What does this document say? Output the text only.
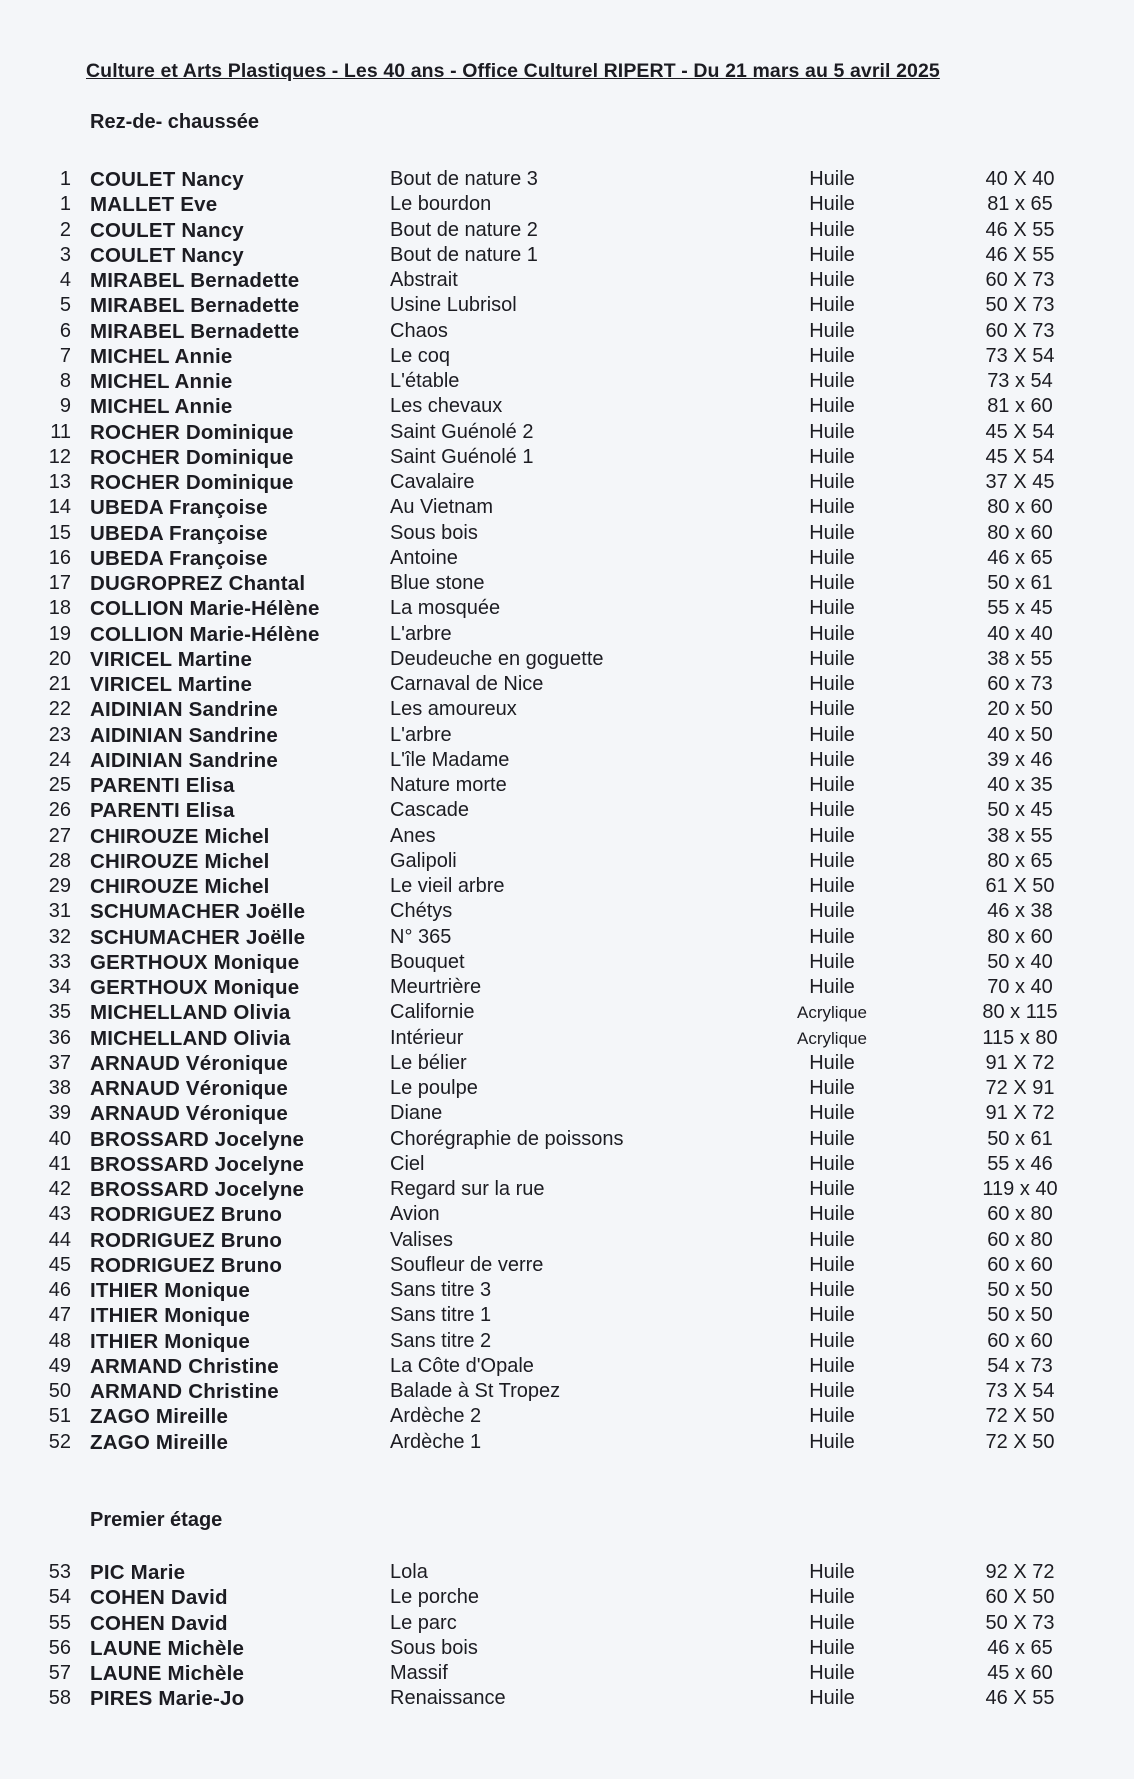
Culture et Arts Plastiques - Les 40 ans - Office Culturel RIPERT - Du 21 mars au 5 avril 2025
Rez-de- chaussée
1 COULET Nancy	Bout de nature 3	Huile	40 X 40
1 MALLET Eve	Le bourdon	Huile	81 x 65
2 COULET Nancy	Bout de nature 2	Huile	46 X 55
3 COULET Nancy	Bout de nature 1	Huile	46 X 55
4 MIRABEL Bernadette	Abstrait	Huile	60 X 73
5 MIRABEL Bernadette	Usine Lubrisol	Huile	50 X 73
6 MIRABEL Bernadette	Chaos	Huile	60 X 73
7 MICHEL Annie	Le coq	Huile	73 X 54
8 MICHEL Annie	L'étable	Huile	73 x 54
9 MICHEL Annie	Les chevaux	Huile	81 x 60
11 ROCHER Dominique	Saint Guénolé 2	Huile	45 X 54
12 ROCHER Dominique	Saint Guénolé 1	Huile	45 X 54
13 ROCHER Dominique	Cavalaire	Huile	37 X 45
14 UBEDA Françoise	Au Vietnam	Huile	80 x 60
15 UBEDA Françoise	Sous bois	Huile	80 x 60
16 UBEDA Françoise	Antoine	Huile	46 x 65
17 DUGROPREZ Chantal	Blue stone	Huile	50 x 61
18 COLLION Marie-Hélène	La mosquée	Huile	55 x 45
19 COLLION Marie-Hélène	L'arbre	Huile	40 x 40
20 VIRICEL Martine	Deudeuche en goguette	Huile	38 x 55
21 VIRICEL Martine	Carnaval de Nice	Huile	60 x 73
22 AIDINIAN Sandrine	Les amoureux	Huile	20 x 50
23 AIDINIAN Sandrine	L'arbre	Huile	40 x 50
24 AIDINIAN Sandrine	L'île Madame	Huile	39 x 46
25 PARENTI Elisa	Nature morte	Huile	40 x 35
26 PARENTI Elisa	Cascade	Huile	50 x 45
27 CHIROUZE Michel	Anes	Huile	38 x 55
28 CHIROUZE Michel	Galipoli	Huile	80 x 65
29 CHIROUZE Michel	Le vieil arbre	Huile	61 X 50
31 SCHUMACHER Joëlle	Chétys	Huile	46 x 38
32 SCHUMACHER Joëlle	N° 365	Huile	80 x 60
33 GERTHOUX Monique	Bouquet	Huile	50 x 40
34 GERTHOUX Monique	Meurtrière	Huile	70 x 40
35 MICHELLAND Olivia	Californie	Acrylique	80 x 115
36 MICHELLAND Olivia	Intérieur	Acrylique	115 x 80
37 ARNAUD Véronique	Le bélier	Huile	91 X 72
38 ARNAUD Véronique	Le poulpe	Huile	72 X 91
39 ARNAUD Véronique	Diane	Huile	91 X 72
40 BROSSARD Jocelyne	Chorégraphie de poissons	Huile	50 x 61
41 BROSSARD Jocelyne	Ciel	Huile	55 x 46
42 BROSSARD Jocelyne	Regard sur la rue	Huile	119 x 40
43 RODRIGUEZ Bruno	Avion	Huile	60 x 80
44 RODRIGUEZ Bruno	Valises	Huile	60 x 80
45 RODRIGUEZ Bruno	Soufleur de verre	Huile	60 x 60
46 ITHIER Monique	Sans titre 3	Huile	50 x 50
47 ITHIER Monique	Sans titre 1	Huile	50 x 50
48 ITHIER Monique	Sans titre 2	Huile	60 x 60
49 ARMAND Christine	La Côte d'Opale	Huile	54 x 73
50 ARMAND Christine	Balade à St Tropez	Huile	73 X 54
51 ZAGO Mireille	Ardèche 2	Huile	72 X 50
52 ZAGO Mireille	Ardèche 1	Huile	72 X 50
Premier étage
53 PIC Marie	Lola	Huile	92 X 72
54 COHEN David	Le porche	Huile	60 X 50
55 COHEN David	Le parc	Huile	50 X 73
56 LAUNE Michèle	Sous bois	Huile	46 x 65
57 LAUNE Michèle	Massif	Huile	45 x 60
58 PIRES Marie-Jo	Renaissance	Huile	46 X 55
